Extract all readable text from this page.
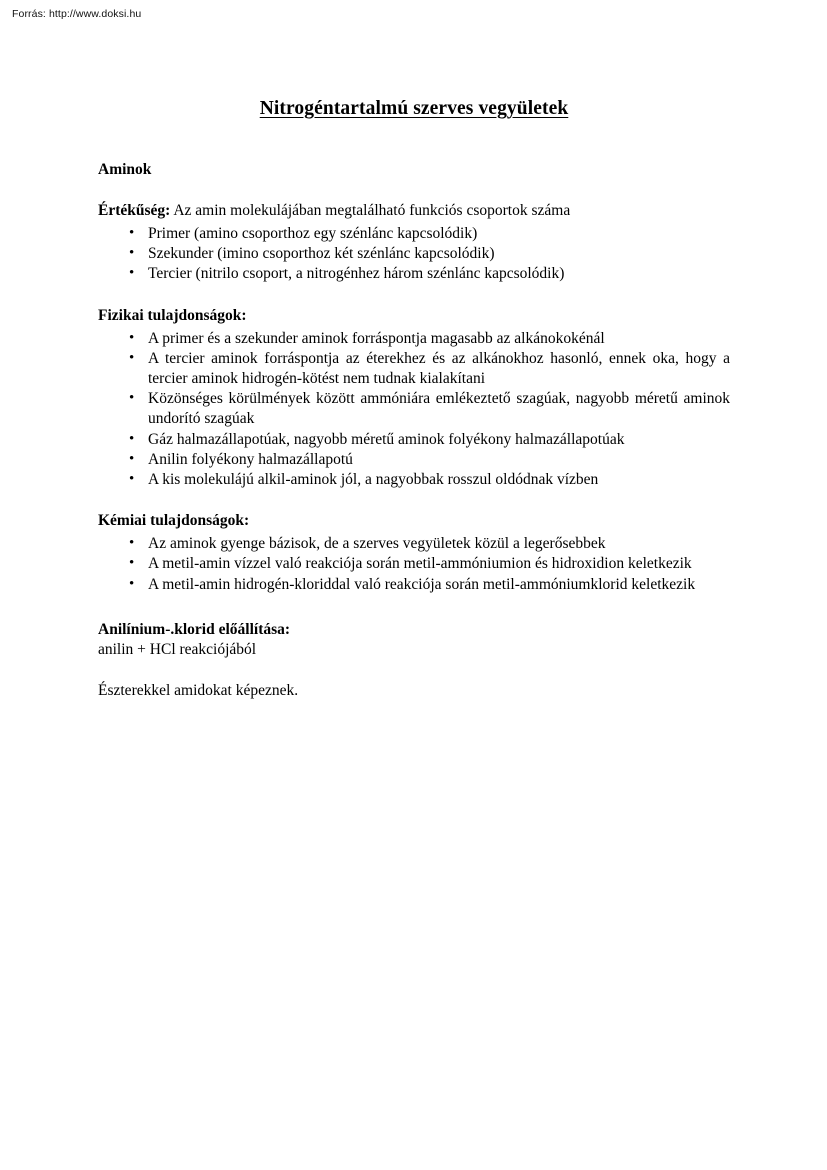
Forrás: http://www.doksi.hu
Nitrogéntartalmú szerves vegyületek
Aminok

Értékűség: Az amin molekulájában megtalálható funkciós csoportok száma

• Primer (amino csoporthoz egy szénlánc kapcsolódik)
• Szekunder (imino csoporthoz két szénlánc kapcsolódik)
• Tercier (nitrilo csoport, a nitrogénhez három szénlánc kapcsolódik)
Fizikai tulajdonságok:
• A primer és a szekunder aminok forráspontja magasabb az alkánokokénál
• A tercier aminok forráspontja az éterekhez és az alkánokhoz hasonló, ennek oka, hogy a tercier aminok hidrogén-kötést nem tudnak kialakítani
• Közönséges körülmények között ammóniára emlékeztető szagúak, nagyobb méretű aminok undorító szagúak
• Gáz halmazállapotúak, nagyobb méretű aminok folyékony halmazállapotúak
• Anilin folyékony halmazállapotú
• A kis molekulájú alkil-aminok jól, a nagyobbak rosszul oldódnak vízben
Kémiai tulajdonságok:
• Az aminok gyenge bázisok, de a szerves vegyületek közül a legerősebbek
• A metil-amin vízzel való reakciója során metil-ammóniumion és hidroxidion keletkezik
• A metil-amin hidrogén-kloriddal való reakciója során metil-ammóniumklorid keletkezik
Anilínium-.klorid előállítása:

anilin + HCl reakciójából

Észterekkel amidokat képeznek.
